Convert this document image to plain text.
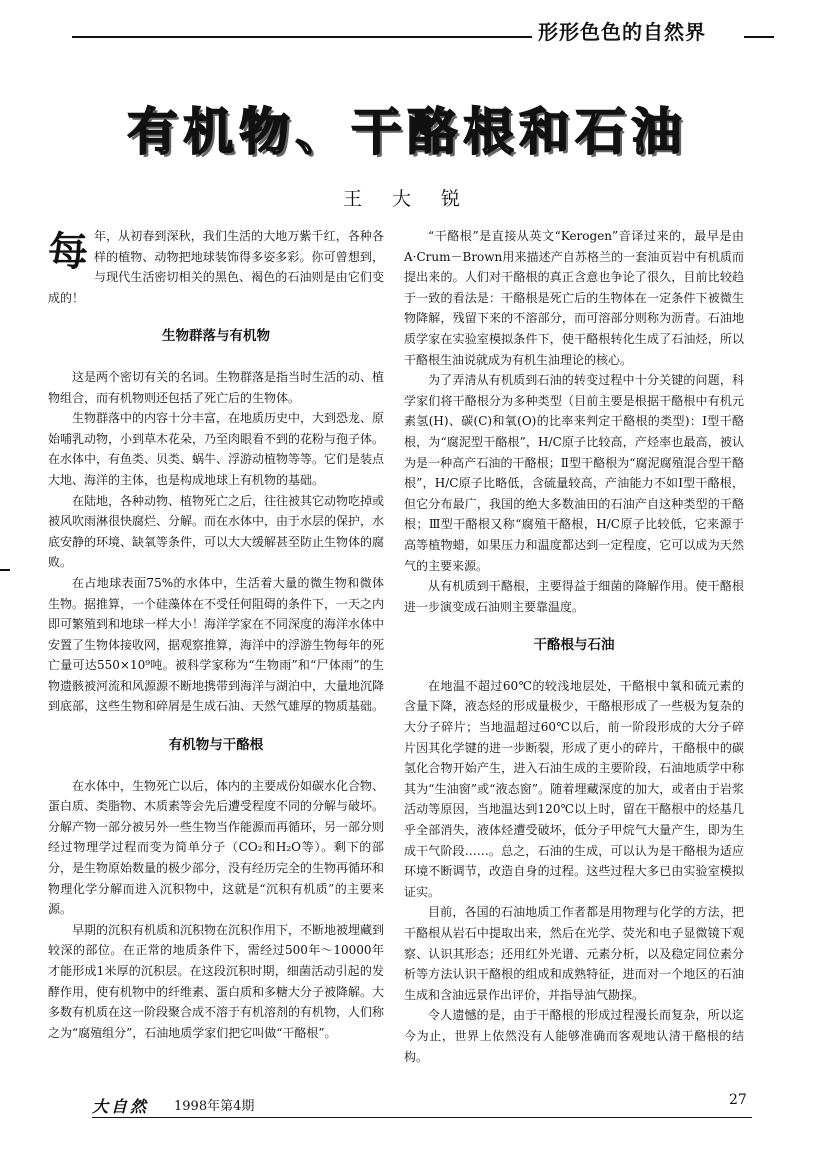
形形色色的自然界
有机物、干酪根和石油
王 大 锐

每年，从初春到深秋，我们生活的大地万紫千红，各种各样的植物、动物把地球装饰得多姿多彩。你可曾想到，与现代生活密切相关的黑色、褐色的石油则是由它们变成的！

生物群落与有机物

这是两个密切有关的名词。生物群落是指当时生活的动、植物组合，而有机物则还包括了死亡后的生物体。

生物群落中的内容十分丰富，在地质历史中，大到恐龙、原始哺乳动物，小到草木花朵，乃至肉眼看不到的花粉与孢子体。在水体中，有鱼类、贝类、蜗牛、浮游动植物等等。它们是装点大地、海洋的主体，也是构成地球上有机物的基础。

在陆地，各种动物、植物死亡之后，往往被其它动物吃掉或被风吹雨淋很快腐烂、分解。而在水体中，由于水层的保护，水底安静的环境、缺氧等条件，可以大大缓解甚至防止生物体的腐败。

在占地球表面75%的水体中，生活着大量的微生物和微体生物。据推算，一个硅藻体在不受任何阻碍的条件下，一天之内即可繁殖到和地球一样大小！海洋学家在不同深度的海洋水体中安置了生物体接收网，据观察推算，海洋中的浮游生物每年的死亡量可达550×10⁹吨。被科学家称为“生物雨”和“尸体雨”的生物遗骸被河流和风源源不断地携带到海洋与湖泊中，大量地沉降到底部，这些生物和碎屑是生成石油、天然气雄厚的物质基础。

有机物与干酪根

在水体中，生物死亡以后，体内的主要成份如碳水化合物、蛋白质、类脂物、木质素等会先后遭受程度不同的分解与破坏。分解产物一部分被另外一些生物当作能源而再循环，另一部分则经过物理学过程而变为简单分子（CO₂和H₂O等）。剩下的部分，是生物原始数量的极少部分，没有经历完全的生物再循环和物理化学分解而进入沉积物中，这就是“沉积有机质”的主要来源。

早期的沉积有机质和沉积物在沉积作用下，不断地被埋藏到较深的部位。在正常的地质条件下，需经过500年～10000年才能形成1米厚的沉积层。在这段沉积时期，细菌活动引起的发酵作用，使有机物中的纤维素、蛋白质和多糖大分子被降解。大多数有机质在这一阶段聚合成不溶于有机溶剂的有机物，人们称之为“腐殖组分”，石油地质学家们把它叫做“干酪根”。

“干酪根”是直接从英文“Kerogen”音译过来的，最早是由A·Crum－Brown用来描述产自苏格兰的一套油页岩中有机质而提出来的。人们对干酪根的真正含意也争论了很久，目前比较趋于一致的看法是：干酪根是死亡后的生物体在一定条件下被微生物降解，残留下来的不溶部分，而可溶部分则称为沥青。石油地质学家在实验室模拟条件下，使干酪根转化生成了石油烃，所以干酪根生油说就成为有机生油理论的核心。

为了弄清从有机质到石油的转变过程中十分关键的问题，科学家们将干酪根分为多种类型（目前主要是根据干酪根中有机元素氢(H)、碳(C)和氧(O)的比率来判定干酪根的类型)：Ⅰ型干酪根，为“腐泥型干酪根”，H/C原子比较高，产烃率也最高，被认为是一种高产石油的干酪根；Ⅱ型干酪根为“腐泥腐殖混合型干酪根”，H/C原子比略低，含硫量较高，产油能力不如Ⅰ型干酪根，但它分布最广，我国的绝大多数油田的石油产自这种类型的干酪根；Ⅲ型干酪根又称“腐殖干酪根，H/C原子比较低，它来源于高等植物蜡，如果压力和温度都达到一定程度，它可以成为天然气的主要来源。

从有机质到干酪根，主要得益于细菌的降解作用。使干酪根进一步演变成石油则主要靠温度。

干酪根与石油

在地温不超过60℃的较浅地层处，干酪根中氧和硫元素的含量下降，液态烃的形成量极少，干酪根形成了一些极为复杂的大分子碎片；当地温超过60℃以后，前一阶段形成的大分子碎片因其化学键的进一步断裂，形成了更小的碎片，干酪根中的碳氢化合物开始产生，进入石油生成的主要阶段，石油地质学中称其为“生油窗”或“液态窗”。随着埋藏深度的加大，或者由于岩浆活动等原因，当地温达到120℃以上时，留在干酪根中的烃基几乎全部消失，液体烃遭受破坏，低分子甲烷气大量产生，即为生成干气阶段……。总之，石油的生成，可以认为是干酪根为适应环境不断调节，改造自身的过程。这些过程大多已由实验室模拟证实。

目前，各国的石油地质工作者都是用物理与化学的方法，把干酪根从岩石中提取出来，然后在光学、荧光和电子显微镜下观察、认识其形态；还用红外光谱、元素分析，以及稳定同位素分析等方法认识干酪根的组成和成熟特征，进而对一个地区的石油生成和含油远景作出评价，并指导油气勘探。

令人遗憾的是，由于干酪根的形成过程漫长而复杂，所以迄今为止，世界上依然没有人能够准确而客观地认清干酪根的结构。

大自然 1998年第4期	27
